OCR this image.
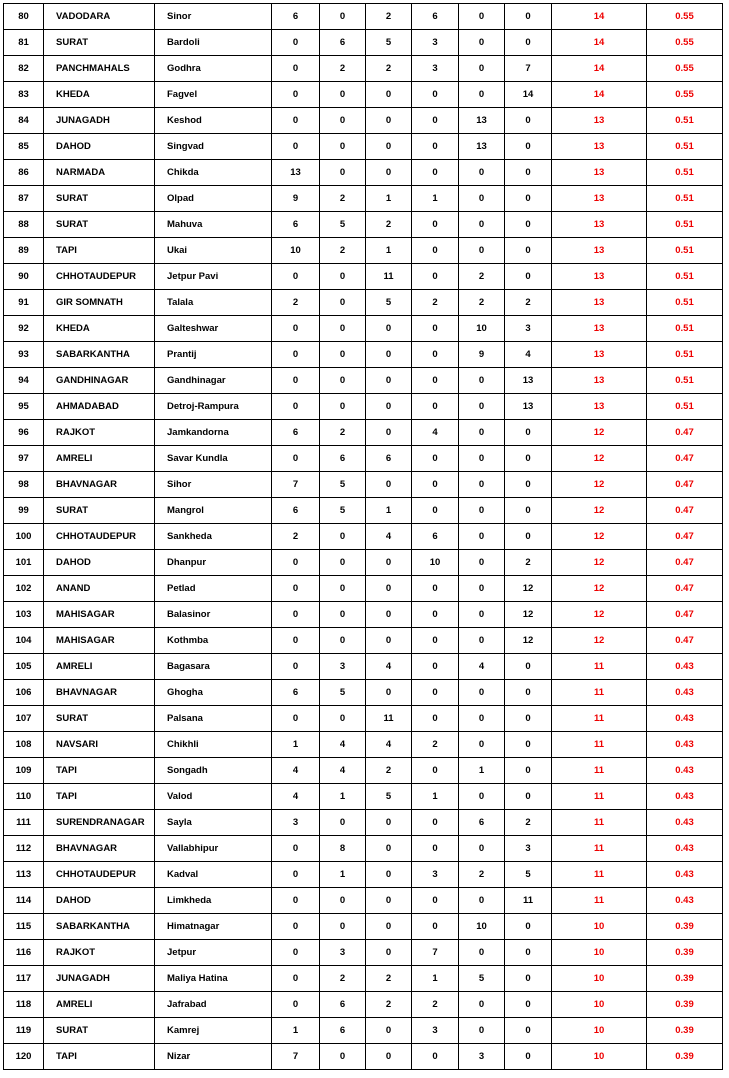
80	VADODARA	Sinor	6	0	2	6	0	0	14	0.55
81	SURAT	Bardoli	0	6	5	3	0	0	14	0.55
82	PANCHMAHALS	Godhra	0	2	2	3	0	7	14	0.55
83	KHEDA	Fagvel	0	0	0	0	0	14	14	0.55
84	JUNAGADH	Keshod	0	0	0	0	13	0	13	0.51
85	DAHOD	Singvad	0	0	0	0	13	0	13	0.51
86	NARMADA	Chikda	13	0	0	0	0	0	13	0.51
87	SURAT	Olpad	9	2	1	1	0	0	13	0.51
88	SURAT	Mahuva	6	5	2	0	0	0	13	0.51
89	TAPI	Ukai	10	2	1	0	0	0	13	0.51
90	CHHOTAUDEPUR	Jetpur Pavi	0	0	11	0	2	0	13	0.51
91	GIR SOMNATH	Talala	2	0	5	2	2	2	13	0.51
92	KHEDA	Galteshwar	0	0	0	0	10	3	13	0.51
93	SABARKANTHA	Prantij	0	0	0	0	9	4	13	0.51
94	GANDHINAGAR	Gandhinagar	0	0	0	0	0	13	13	0.51
95	AHMADABAD	Detroj-Rampura	0	0	0	0	0	13	13	0.51
96	RAJKOT	Jamkandorna	6	2	0	4	0	0	12	0.47
97	AMRELI	Savar Kundla	0	6	6	0	0	0	12	0.47
98	BHAVNAGAR	Sihor	7	5	0	0	0	0	12	0.47
99	SURAT	Mangrol	6	5	1	0	0	0	12	0.47
100	CHHOTAUDEPUR	Sankheda	2	0	4	6	0	0	12	0.47
101	DAHOD	Dhanpur	0	0	0	10	0	2	12	0.47
102	ANAND	Petlad	0	0	0	0	0	12	12	0.47
103	MAHISAGAR	Balasinor	0	0	0	0	0	12	12	0.47
104	MAHISAGAR	Kothmba	0	0	0	0	0	12	12	0.47
105	AMRELI	Bagasara	0	3	4	0	4	0	11	0.43
106	BHAVNAGAR	Ghogha	6	5	0	0	0	0	11	0.43
107	SURAT	Palsana	0	0	11	0	0	0	11	0.43
108	NAVSARI	Chikhli	1	4	4	2	0	0	11	0.43
109	TAPI	Songadh	4	4	2	0	1	0	11	0.43
110	TAPI	Valod	4	1	5	1	0	0	11	0.43
111	SURENDRANAGAR	Sayla	3	0	0	0	6	2	11	0.43
112	BHAVNAGAR	Vallabhipur	0	8	0	0	0	3	11	0.43
113	CHHOTAUDEPUR	Kadval	0	1	0	3	2	5	11	0.43
114	DAHOD	Limkheda	0	0	0	0	0	11	11	0.43
115	SABARKANTHA	Himatnagar	0	0	0	0	10	0	10	0.39
116	RAJKOT	Jetpur	0	3	0	7	0	0	10	0.39
117	JUNAGADH	Maliya Hatina	0	2	2	1	5	0	10	0.39
118	AMRELI	Jafrabad	0	6	2	2	0	0	10	0.39
119	SURAT	Kamrej	1	6	0	3	0	0	10	0.39
120	TAPI	Nizar	7	0	0	0	3	0	10	0.39
